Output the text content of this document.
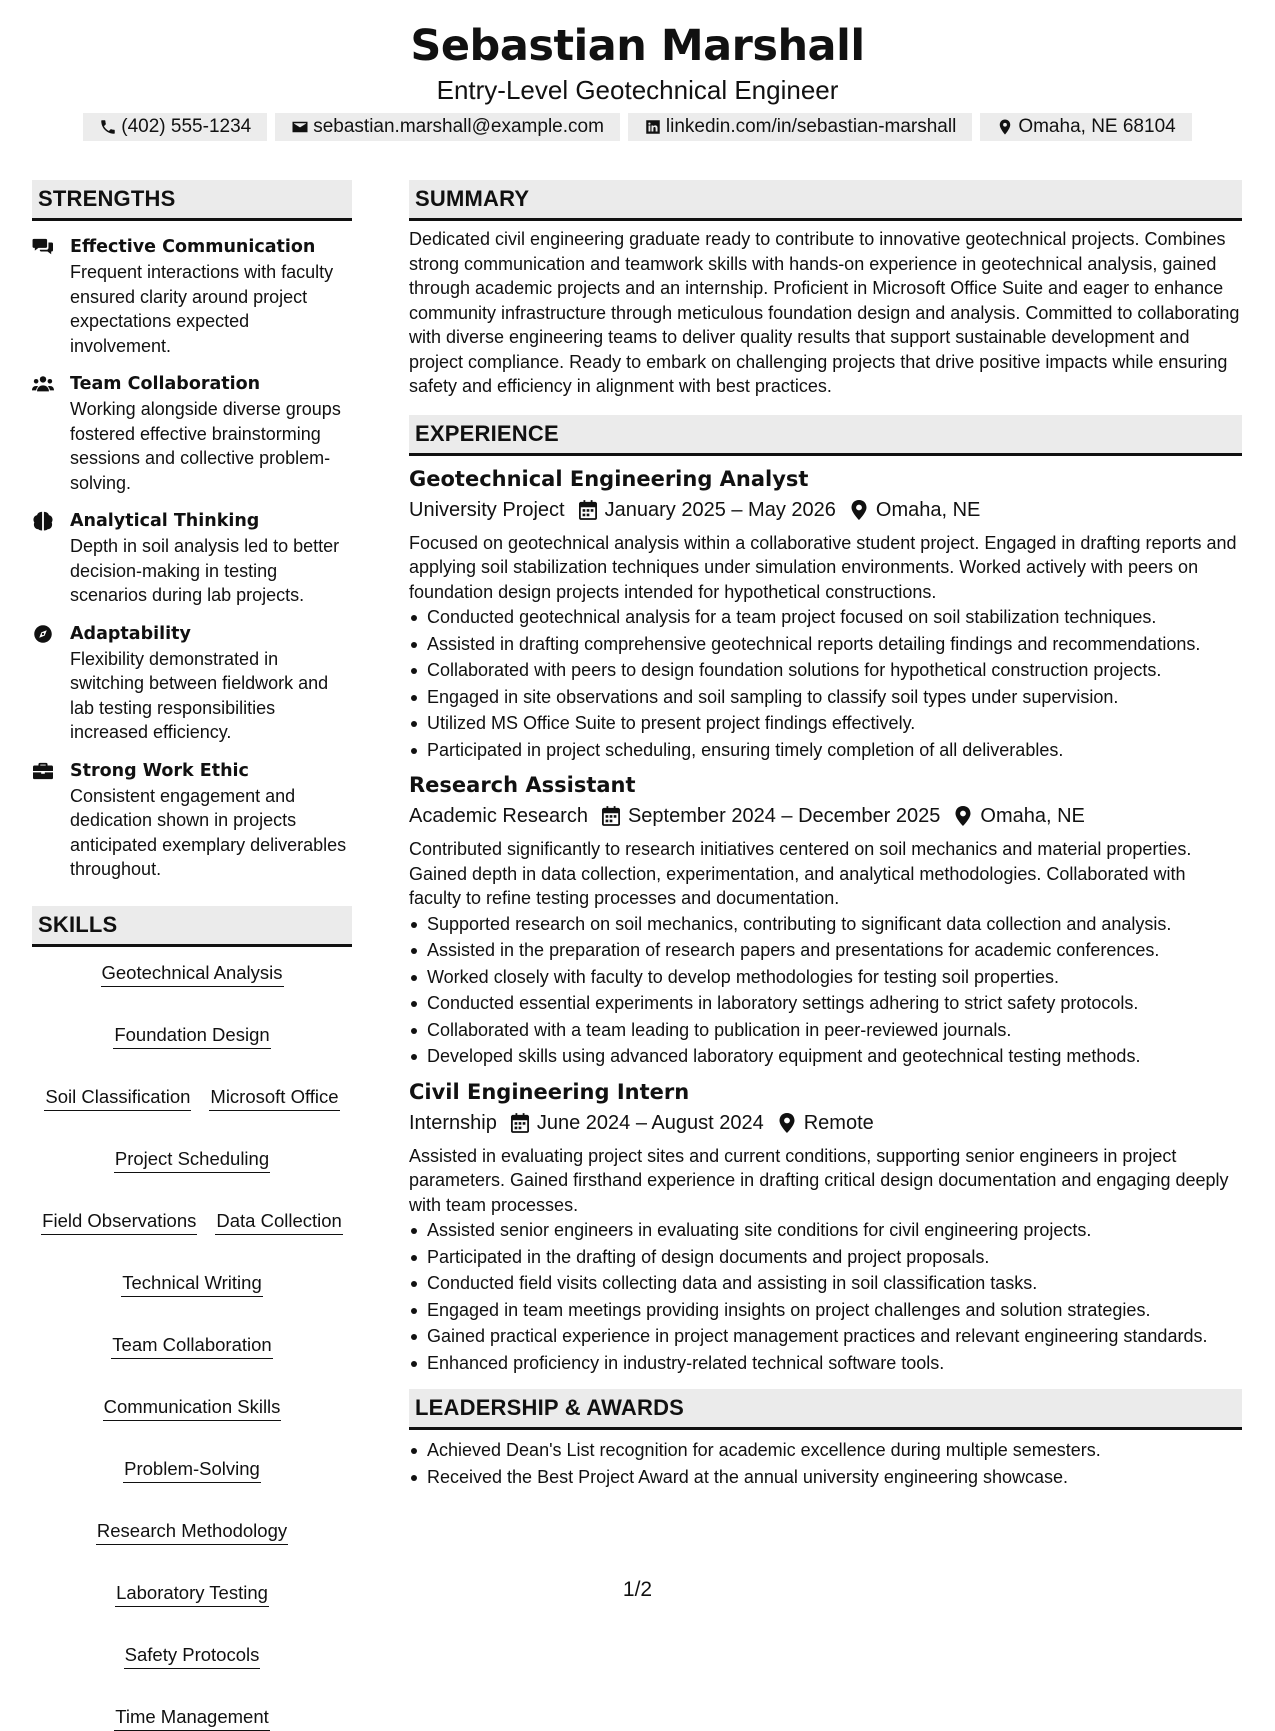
Sebastian Marshall
Entry-Level Geotechnical Engineer
(402) 555-1234	sebastian.marshall@example.com	linkedin.com/in/sebastian-marshall	Omaha, NE 68104
STRENGTHS
Effective Communication
Frequent interactions with faculty ensured clarity around project expectations expected involvement.
Team Collaboration
Working alongside diverse groups fostered effective brainstorming sessions and collective problem-solving.
Analytical Thinking
Depth in soil analysis led to better decision-making in testing scenarios during lab projects.
Adaptability
Flexibility demonstrated in switching between fieldwork and lab testing responsibilities increased efficiency.
Strong Work Ethic
Consistent engagement and dedication shown in projects anticipated exemplary deliverables throughout.
SKILLS
Geotechnical Analysis
Foundation Design
Soil Classification Microsoft Office
Project Scheduling
Field Observations Data Collection
Technical Writing
Team Collaboration
Communication Skills
Problem-Solving
Research Methodology
Laboratory Testing
Safety Protocols
Time Management
SUMMARY
Dedicated civil engineering graduate ready to contribute to innovative geotechnical projects. Combines strong communication and teamwork skills with hands-on experience in geotechnical analysis, gained through academic projects and an internship. Proficient in Microsoft Office Suite and eager to enhance community infrastructure through meticulous foundation design and analysis. Committed to collaborating with diverse engineering teams to deliver quality results that support sustainable development and project compliance. Ready to embark on challenging projects that drive positive impacts while ensuring safety and efficiency in alignment with best practices.
EXPERIENCE
Geotechnical Engineering Analyst
University Project January 2025 – May 2026 Omaha, NE
Focused on geotechnical analysis within a collaborative student project. Engaged in drafting reports and applying soil stabilization techniques under simulation environments. Worked actively with peers on foundation design projects intended for hypothetical constructions.
Conducted geotechnical analysis for a team project focused on soil stabilization techniques.
Assisted in drafting comprehensive geotechnical reports detailing findings and recommendations.
Collaborated with peers to design foundation solutions for hypothetical construction projects.
Engaged in site observations and soil sampling to classify soil types under supervision.
Utilized MS Office Suite to present project findings effectively.
Participated in project scheduling, ensuring timely completion of all deliverables.
Research Assistant
Academic Research September 2024 – December 2025 Omaha, NE
Contributed significantly to research initiatives centered on soil mechanics and material properties. Gained depth in data collection, experimentation, and analytical methodologies. Collaborated with faculty to refine testing processes and documentation.
Supported research on soil mechanics, contributing to significant data collection and analysis.
Assisted in the preparation of research papers and presentations for academic conferences.
Worked closely with faculty to develop methodologies for testing soil properties.
Conducted essential experiments in laboratory settings adhering to strict safety protocols.
Collaborated with a team leading to publication in peer-reviewed journals.
Developed skills using advanced laboratory equipment and geotechnical testing methods.
Civil Engineering Intern
Internship June 2024 – August 2024 Remote
Assisted in evaluating project sites and current conditions, supporting senior engineers in project parameters. Gained firsthand experience in drafting critical design documentation and engaging deeply with team processes.
Assisted senior engineers in evaluating site conditions for civil engineering projects.
Participated in the drafting of design documents and project proposals.
Conducted field visits collecting data and assisting in soil classification tasks.
Engaged in team meetings providing insights on project challenges and solution strategies.
Gained practical experience in project management practices and relevant engineering standards.
Enhanced proficiency in industry-related technical software tools.
LEADERSHIP & AWARDS
Achieved Dean's List recognition for academic excellence during multiple semesters.
Received the Best Project Award at the annual university engineering showcase.
1/2
